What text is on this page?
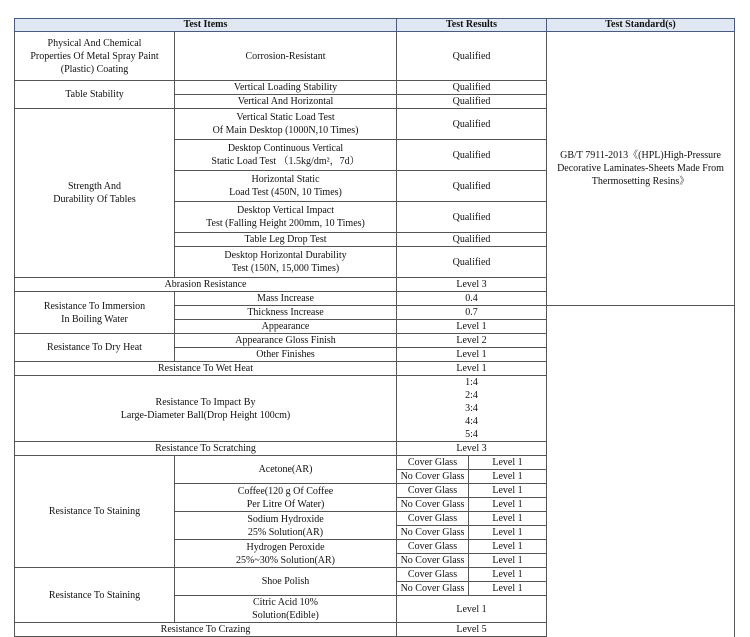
Test Items		Test Results		Test Standard(s)	
Physical And Chemical
Properties Of Metal Spray Paint
(Plastic) Coating	Corrosion-Resistant	Qualified		GB/T 7911-2013《(HPL)High-Pressure
Decorative Laminates-Sheets Made From
Thermosetting Resins》	
Table Stability	Vertical Loading Stability	Qualified			
	Vertical And Horizontal	Qualified			
Strength And
Durability Of Tables	Vertical Static Load Test
Of Main Desktop (1000N,10 Times)	Qualified			
	Desktop Continuous Vertical
Static Load Test （1.5kg/dm²，7d）	Qualified			
	Horizontal Static
Load Test (450N, 10 Times)	Qualified			
	Desktop Vertical Impact
Test (Falling Height 200mm, 10 Times)	Qualified			
	Table Leg Drop Test	Qualified			
	Desktop Horizontal Durability
Test (150N, 15,000 Times)	Qualified			
Abrasion Resistance		Level 3	
Resistance To Immersion
In Boiling Water	Mass Increase	0.4			
	Thickness Increase	0.7			
	Appearance	Level 1			
Resistance To Dry Heat	Appearance Gloss Finish	Level 2			
	Other Finishes	Level 1			
Resistance To Wet Heat		Level 1			
Resistance To Impact By
Large-Diameter Ball(Drop Height 100cm)		1:4
2:4
3:4
4:4
5:4			
Resistance To Scratching		Level 3			
Resistance To Staining	Acetone(AR)	Cover Glass	Level 1		
		No Cover Glass	Level 1		
	Coffee(120 g Of Coffee
Per Litre Of Water)	Cover Glass	Level 1		
		No Cover Glass	Level 1		
	Sodium Hydroxide
25% Solution(AR)	Cover Glass	Level 1		
		No Cover Glass	Level 1		
	Hydrogen Peroxide
25%~30% Solution(AR)	Cover Glass	Level 1		
		No Cover Glass	Level 1		
Resistance To Staining	Shoe Polish	Cover Glass	Level 1		
		No Cover Glass	Level 1		
	Citric Acid 10%
Solution(Edible)	Level 1			
Resistance To Crazing		Level 5			
